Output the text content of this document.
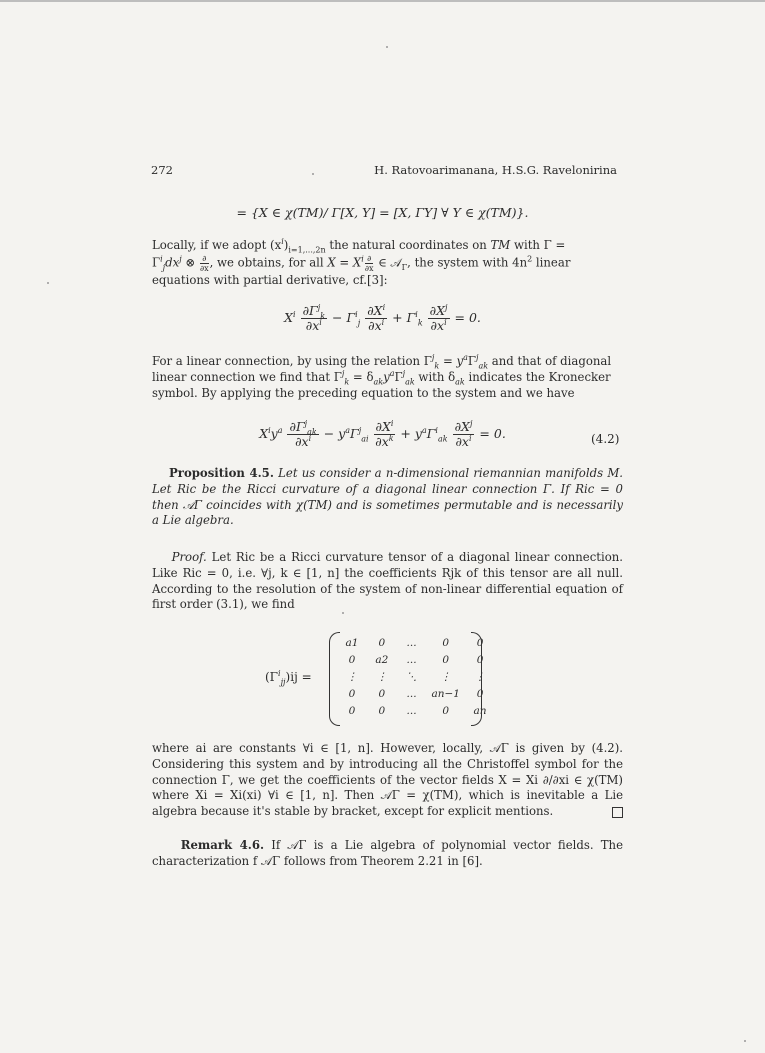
272	H. Ratovoarimanana, H.S.G. Ravelonirina
= {X ∈ χ(TM)/ Γ[X, Y] = [X, ΓY] ∀ Y ∈ χ(TM)}.

Locally, if we adopt $(x^i)_{i=1,...,2n}$ the natural coordinates on TM with Γ =
$\Gamma^i_jdx^j$ ⊗ $\frac{\partial}{\partial x}$ , we obtains, for all $X = X^i \frac{\partial}{\partial x}$ ∈ 𝒜$_\Gamma$, the system with $4n^2$ linear
equations with partial derivative, cf.[3]:

$X^i \frac{\partial\Gamma^j_k}{\partial x^i} - \Gamma^i_j \frac{\partial X^i}{\partial x^i} + \Gamma^i_k \frac{\partial X^j}{\partial x^i} = 0$.

For a linear connection, by using the relation $\Gamma^j_k = y^a\Gamma^j_{ak}$ and that of diagonal
linear connection we find that $\Gamma^j_k = \delta_{ak}y^a\Gamma^j_{ak}$ with $\delta_{ak}$ indicates the Kronecker
symbol. By applying the preceding equation to the system and we have

$X^iy^a \frac{\partial\Gamma^j_{ak}}{\partial x^i} - y^a\Gamma^j_{ai} \frac{\partial X^i}{\partial x^k} + y^a\Gamma^i_{ak} \frac{\partial X^j}{\partial x^i} = 0$.	(4.2)

Proposition 4.5. Let us consider a n-dimensional riemannian manifolds M. Let Ric be the Ricci curvature of a diagonal linear connection Γ. If Ric = 0 then 𝒜Γ coincides with χ(TM) and is sometimes permutable and is necessarily a Lie algebra.

Proof. Let Ric be a Ricci curvature tensor of a diagonal linear connection. Like Ric = 0, i.e. ∀j, k ∈ [1, n] the coefficients Rjk of this tensor are all null. According to the resolution of the system of non-linear differential equation of first order (3.1), we find

$(\Gamma^i_{jj})ij$ =
a1	0	...	0	0
0	a2	...	0	0
⋮	⋮	⋱	⋮	⋮
0	0	...	an−1	0
0	0	...	0	an

where ai are constants ∀i ∈ [1, n]. However, locally, 𝒜Γ is given by (4.2). Considering this system and by introducing all the Christoffel symbol for the connection Γ, we get the coefficients of the vector fields X = Xi ∂/∂xi ∈ χ(TM) where Xi = Xi(xi) ∀i ∈ [1, n]. Then 𝒜Γ = χ(TM), which is inevitable a Lie algebra because it's stable by bracket, except for explicit mentions.

Remark 4.6. If 𝒜Γ is a Lie algebra of polynomial vector fields. The characterization f 𝒜Γ follows from Theorem 2.21 in [6].
